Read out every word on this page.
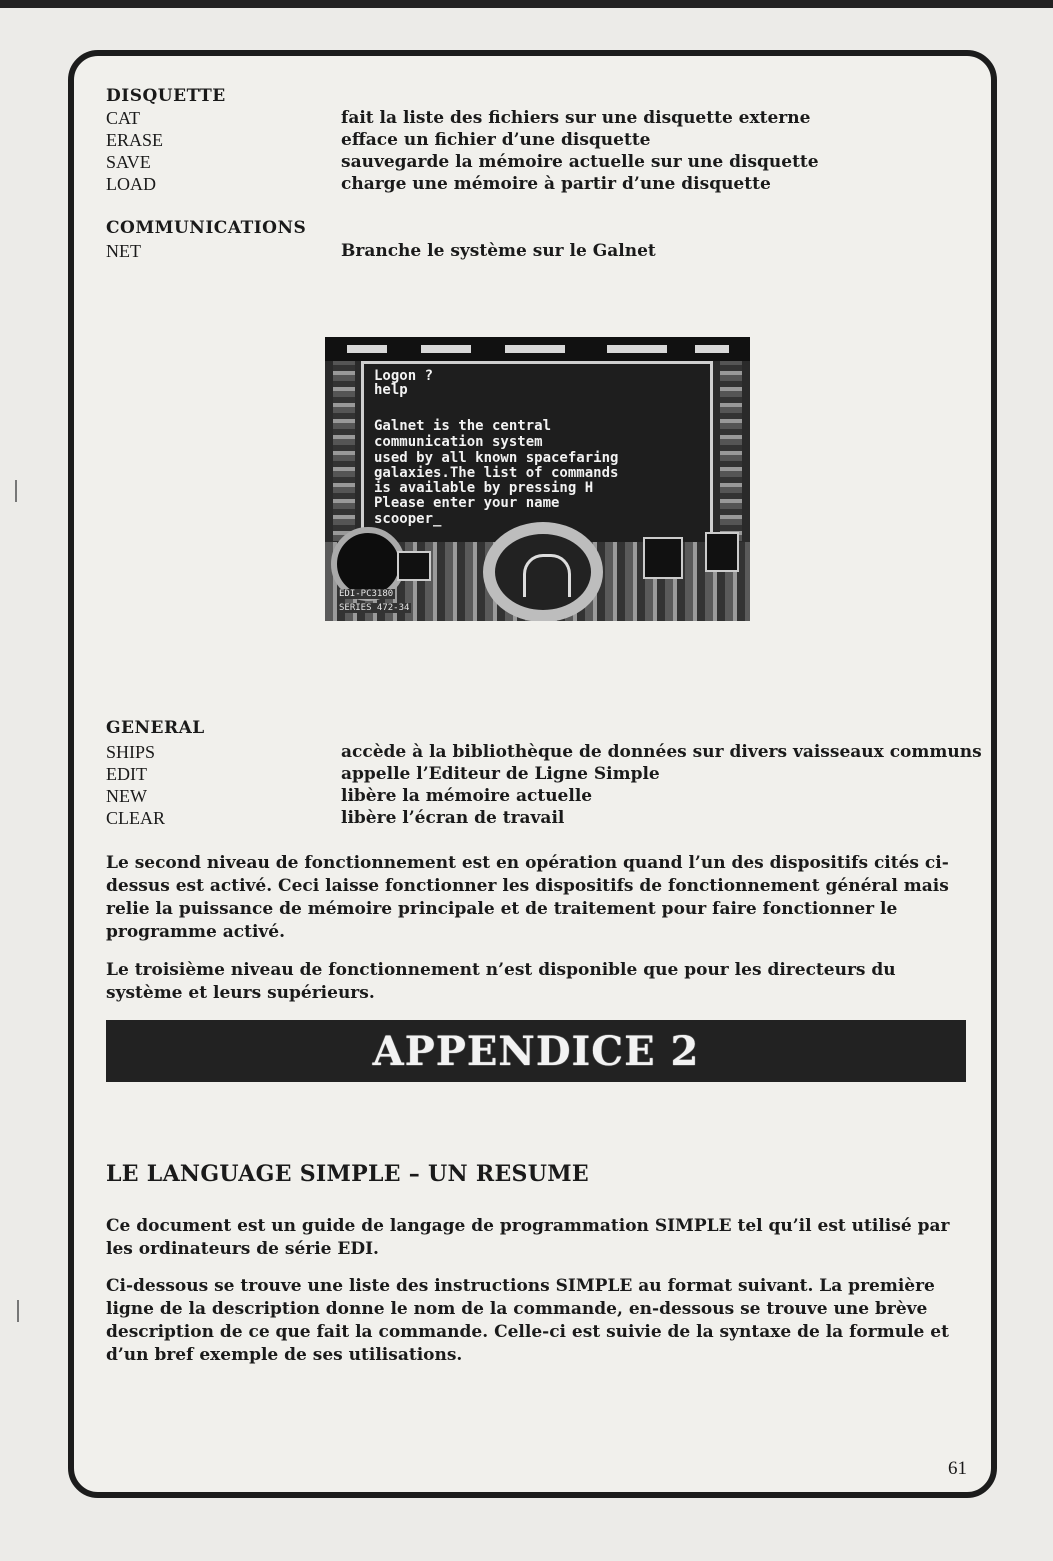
DISQUETTE
CAT	fait la liste des fichiers sur une disquette externe
ERASE	efface un fichier d’une disquette
SAVE	sauvegarde la mémoire actuelle sur une disquette
LOAD	charge une mémoire à partir d’une disquette
COMMUNICATIONS
NET	Branche le système sur le Galnet
Logon ?
help
Galnet is the central
communication system
used by all known spacefaring
galaxies.The list of commands
is available by pressing H
Please enter your name
scooper_
EDI-PC3180
SERIES 472-34
GENERAL
SHIPS	accède à la bibliothèque de données sur divers vaisseaux communs
EDIT	appelle l’Editeur de Ligne Simple
NEW	libère la mémoire actuelle
CLEAR	libère l’écran de travail

Le second niveau de fonctionnement est en opération quand l’un des dispositifs cités ci-dessus est activé. Ceci laisse fonctionner les dispositifs de fonctionnement général mais relie la puissance de mémoire principale et de traitement pour faire fonctionner le programme activé.

Le troisième niveau de fonctionnement n’est disponible que pour les directeurs du système et leurs supérieurs.

APPENDICE 2
LE LANGUAGE SIMPLE – UN RESUME

Ce document est un guide de langage de programmation SIMPLE tel qu’il est utilisé par les ordinateurs de série EDI.

Ci-dessous se trouve une liste des instructions SIMPLE au format suivant. La première ligne de la description donne le nom de la commande, en-dessous se trouve une brève description de ce que fait la commande. Celle-ci est suivie de la syntaxe de la formule et d’un bref exemple de ses utilisations.

61
